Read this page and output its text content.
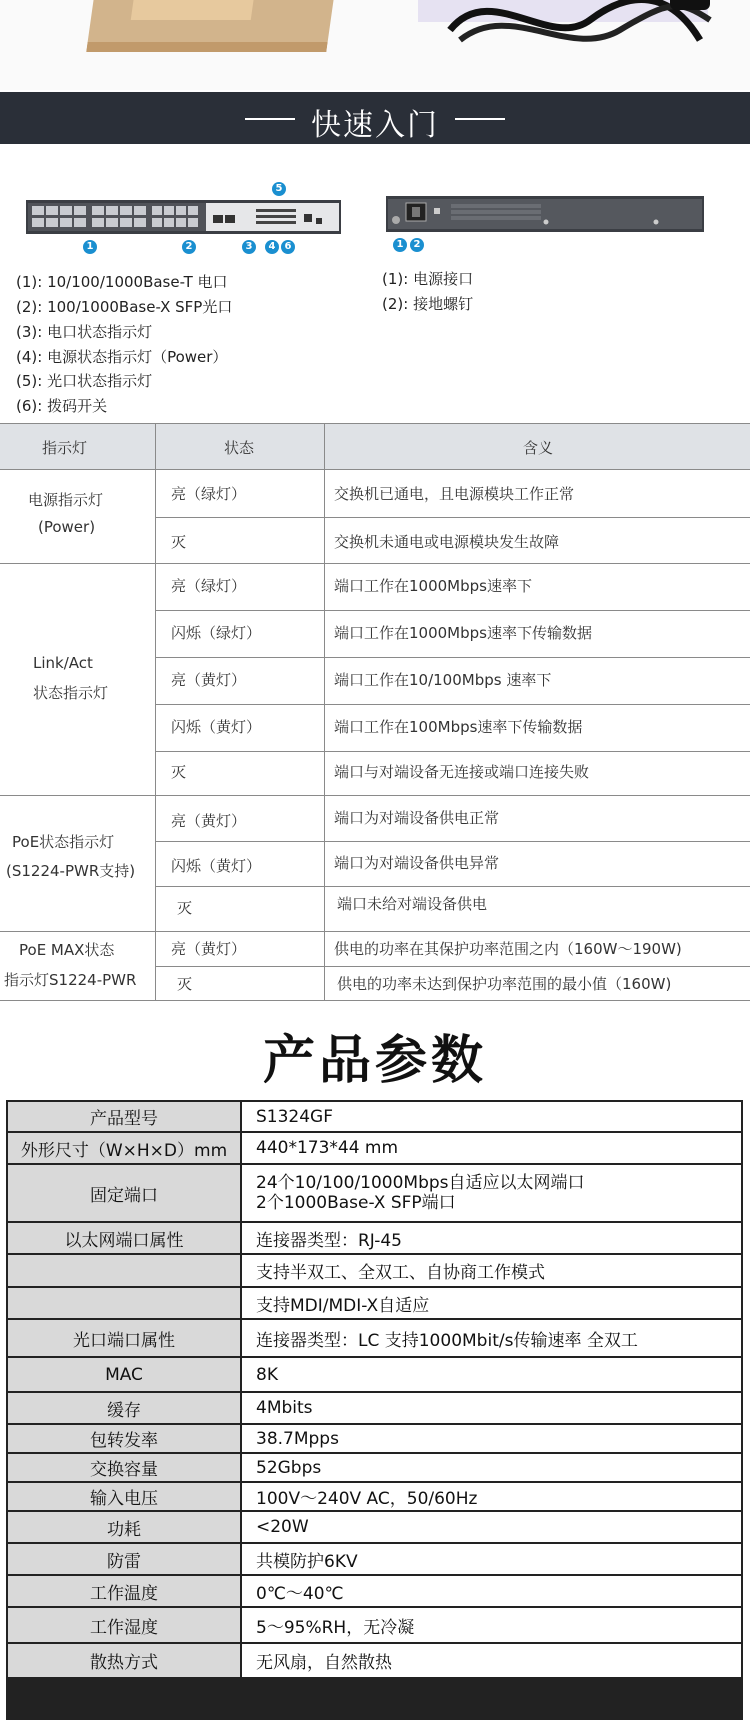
快速入门
1	2	3	4
5
6
(1): 10/100/1000Base-T 电口
(2): 100/1000Base-X SFP光口
(3): 电口状态指示灯
(4): 电源状态指示灯（Power）
(5): 光口状态指示灯
(6): 拨码开关
1	2
(1): 电源接口
(2): 接地螺钉
指示灯	状态	含义
电源指示灯
(Power)
亮（绿灯）	交换机已通电，且电源模块工作正常
灭	交换机未通电或电源模块发生故障
Link/Act
状态指示灯
亮（绿灯）	端口工作在1000Mbps速率下
闪烁（绿灯）	端口工作在1000Mbps速率下传输数据
亮（黄灯）	端口工作在10/100Mbps 速率下
闪烁（黄灯）	端口工作在100Mbps速率下传输数据
灭	端口与对端设备无连接或端口连接失败
PoE状态指示灯
(S1224-PWR支持)
亮（黄灯）	端口为对端设备供电正常
闪烁（黄灯）	端口为对端设备供电异常
灭	端口未给对端设备供电
PoE MAX状态
指示灯S1224-PWR
亮（黄灯）	供电的功率在其保护功率范围之内（160W～190W)
灭	供电的功率未达到保护功率范围的最小值（160W)
产品参数
产品型号	S1324GF
外形尺寸（W×H×D）mm	440*173*44 mm
固定端口
24个10/100/1000Mbps自适应以太网端口
2个1000Base-X SFP端口
以太网端口属性	连接器类型：RJ-45
支持半双工、全双工、自协商工作模式
支持MDI/MDI-X自适应
光口端口属性	连接器类型：LC 支持1000Mbit/s传输速率 全双工
MAC	8K
缓存	4Mbits
包转发率	38.7Mpps
交换容量	52Gbps
输入电压	100V～240V AC，50/60Hz
功耗	<20W
防雷	共模防护6KV
工作温度	0℃～40℃
工作湿度	5～95%RH，无冷凝
散热方式	无风扇，自然散热
